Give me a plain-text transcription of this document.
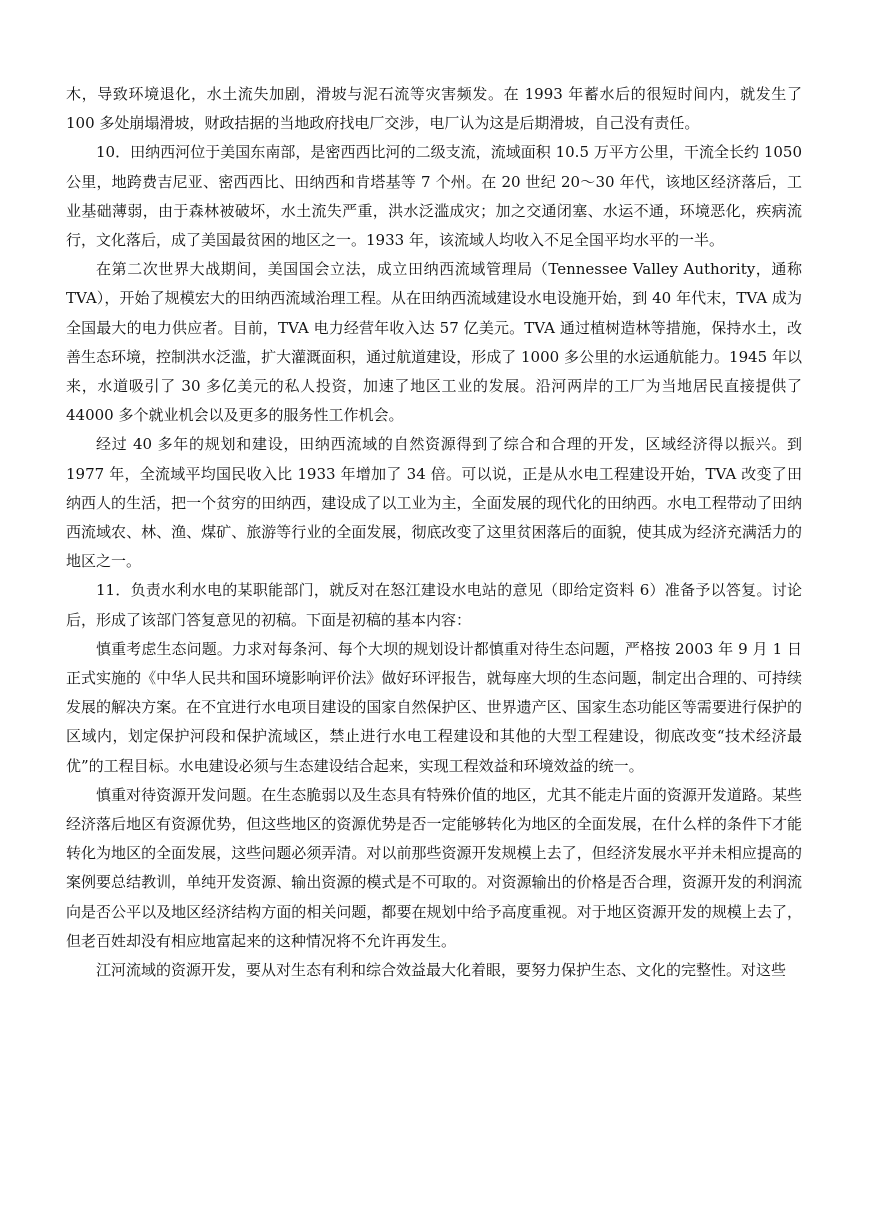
木，导致环境退化，水土流失加剧，滑坡与泥石流等灾害频发。在 1993 年蓄水后的很短时间内，就发生了 100 多处崩塌滑坡，财政拮据的当地政府找电厂交涉，电厂认为这是后期滑坡，自己没有责任。

10．田纳西河位于美国东南部，是密西西比河的二级支流，流域面积 10.5 万平方公里，干流全长约 1050 公里，地跨费吉尼亚、密西西比、田纳西和肯塔基等 7 个州。在 20 世纪 20～30 年代，该地区经济落后，工业基础薄弱，由于森林被破坏，水土流失严重，洪水泛滥成灾；加之交通闭塞、水运不通，环境恶化，疾病流行，文化落后，成了美国最贫困的地区之一。1933 年，该流域人均收入不足全国平均水平的一半。

在第二次世界大战期间，美国国会立法，成立田纳西流域管理局（Tennessee Valley Authority，通称 TVA），开始了规模宏大的田纳西流域治理工程。从在田纳西流域建设水电设施开始，到 40 年代末，TVA 成为全国最大的电力供应者。目前，TVA 电力经营年收入达 57 亿美元。TVA 通过植树造林等措施，保持水土，改善生态环境，控制洪水泛滥，扩大灌溉面积，通过航道建设，形成了 1000 多公里的水运通航能力。1945 年以来，水道吸引了 30 多亿美元的私人投资，加速了地区工业的发展。沿河两岸的工厂为当地居民直接提供了 44000 多个就业机会以及更多的服务性工作机会。

经过 40 多年的规划和建设，田纳西流域的自然资源得到了综合和合理的开发，区域经济得以振兴。到 1977 年，全流域平均国民收入比 1933 年增加了 34 倍。可以说，正是从水电工程建设开始，TVA 改变了田纳西人的生活，把一个贫穷的田纳西，建设成了以工业为主，全面发展的现代化的田纳西。水电工程带动了田纳西流域农、林、渔、煤矿、旅游等行业的全面发展，彻底改变了这里贫困落后的面貌，使其成为经济充满活力的地区之一。

11．负责水利水电的某职能部门，就反对在怒江建设水电站的意见（即给定资料 6）准备予以答复。讨论后，形成了该部门答复意见的初稿。下面是初稿的基本内容：

慎重考虑生态问题。力求对每条河、每个大坝的规划设计都慎重对待生态问题，严格按 2003 年 9 月 1 日正式实施的《中华人民共和国环境影响评价法》做好环评报告，就每座大坝的生态问题，制定出合理的、可持续发展的解决方案。在不宜进行水电项目建设的国家自然保护区、世界遗产区、国家生态功能区等需要进行保护的区域内，划定保护河段和保护流域区，禁止进行水电工程建设和其他的大型工程建设，彻底改变“技术经济最优”的工程目标。水电建设必须与生态建设结合起来，实现工程效益和环境效益的统一。

慎重对待资源开发问题。在生态脆弱以及生态具有特殊价值的地区，尤其不能走片面的资源开发道路。某些经济落后地区有资源优势，但这些地区的资源优势是否一定能够转化为地区的全面发展，在什么样的条件下才能转化为地区的全面发展，这些问题必须弄清。对以前那些资源开发规模上去了，但经济发展水平并未相应提高的案例要总结教训，单纯开发资源、输出资源的模式是不可取的。对资源输出的价格是否合理，资源开发的利润流向是否公平以及地区经济结构方面的相关问题，都要在规划中给予高度重视。对于地区资源开发的规模上去了，但老百姓却没有相应地富起来的这种情况将不允许再发生。

江河流域的资源开发，要从对生态有利和综合效益最大化着眼，要努力保护生态、文化的完整性。对这些
